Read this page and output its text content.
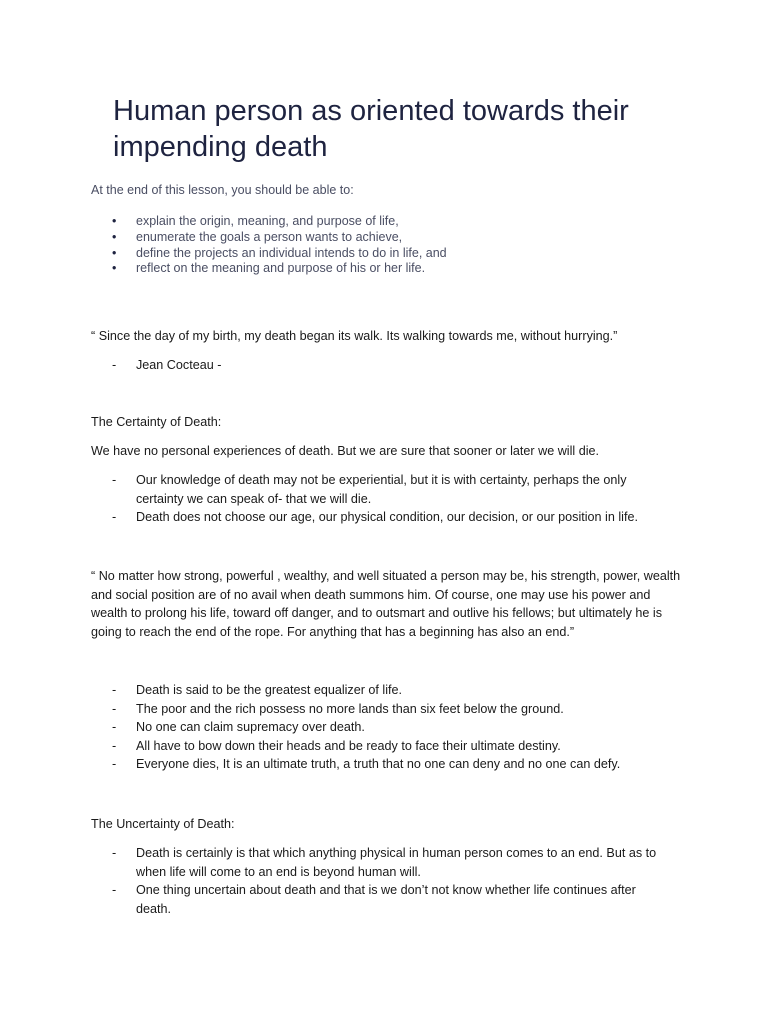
Human person as oriented towards their impending death
At the end of this lesson, you should be able to:
• explain the origin, meaning, and purpose of life,
• enumerate the goals a person wants to achieve,
• define the projects an individual intends to do in life, and
• reflect on the meaning and purpose of his or her life.
“ Since the day of my birth, my death began its walk. Its walking towards me, without hurrying.”
- Jean Cocteau -
The Certainty of Death:
We have no personal experiences of death. But we are sure that sooner or later we will die.
- Our knowledge of death may not be experiential, but it is with certainty, perhaps the only certainty we can speak of- that we will die.
- Death does not choose our age, our physical condition, our decision, or our position in life.
“ No matter how strong, powerful , wealthy, and well situated a person may be, his strength, power, wealth and social position are of no avail when death summons him. Of course, one may use his power and wealth to prolong his life, toward off danger, and to outsmart and outlive his fellows; but ultimately he is going to reach the end of the rope. For anything that has a beginning has also an end.”
- Death is said to be the greatest equalizer of life.
- The poor and the rich possess no more lands than six feet below the ground.
- No one can claim supremacy over death.
- All have to bow down their heads and be ready to face their ultimate destiny.
- Everyone dies, It is an ultimate truth, a truth that no one can deny and no one can defy.
The Uncertainty of Death:
- Death is certainly is that which anything physical in human person comes to an end. But as to when life will come to an end is beyond human will.
- One thing uncertain about death and that is we don’t not know whether life continues after death.
